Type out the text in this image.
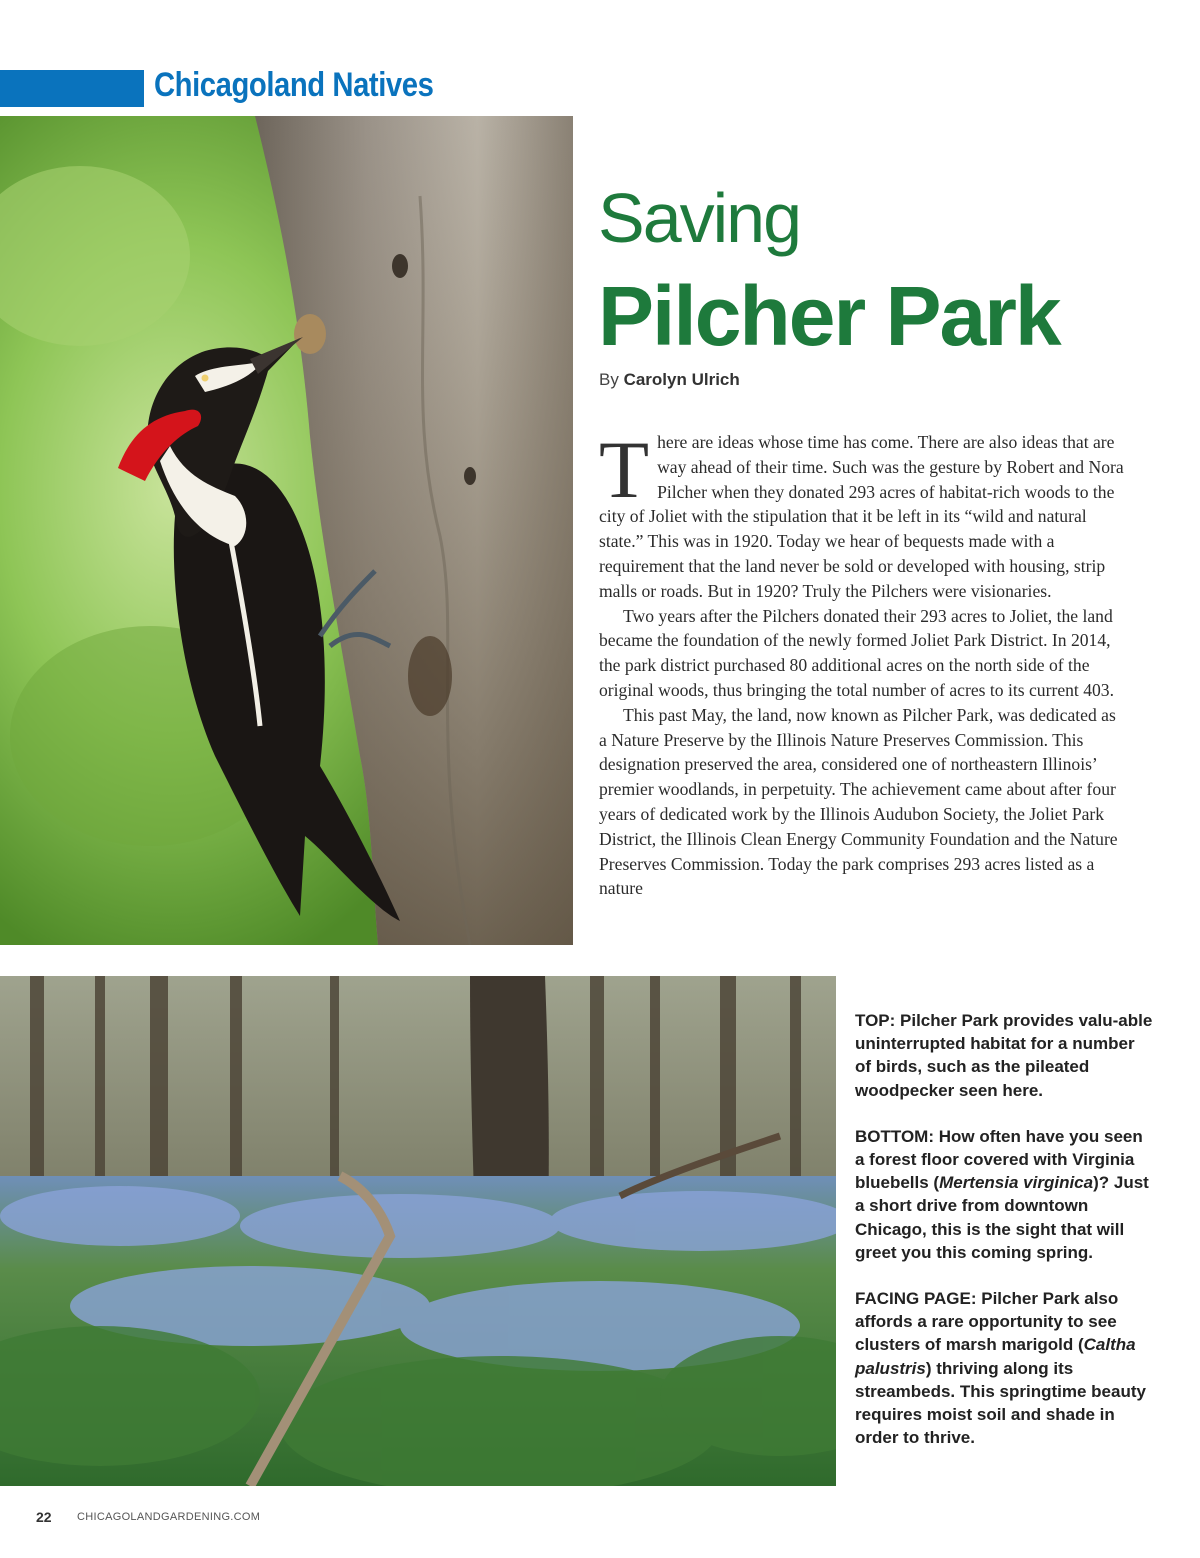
Chicagoland Natives
Saving
Pilcher Park
By Carolyn Ulrich

There are ideas whose time has come. There are also ideas that are way ahead of their time. Such was the gesture by Robert and Nora Pilcher when they donated 293 acres of habitat-rich woods to the city of Joliet with the stipulation that it be left in its “wild and natural state.” This was in 1920. Today we hear of bequests made with a requirement that the land never be sold or developed with housing, strip malls or roads. But in 1920? Truly the Pilchers were visionaries.

Two years after the Pilchers donated their 293 acres to Joliet, the land became the foundation of the newly formed Joliet Park District. In 2014, the park district purchased 80 additional acres on the north side of the original woods, thus bringing the total number of acres to its current 403.

This past May, the land, now known as Pilcher Park, was dedicated as a Nature Preserve by the Illinois Nature Preserves Commission. This designation preserved the area, considered one of northeastern Illinois’ premier woodlands, in perpetuity. The achievement came about after four years of dedicated work by the Illinois Audubon Society, the Joliet Park District, the Illinois Clean Energy Community Foundation and the Nature Preserves Commission. Today the park comprises 293 acres listed as a nature

TOP: Pilcher Park provides valu-able uninterrupted habitat for a number of birds, such as the pileated woodpecker seen here.

BOTTOM: How often have you seen a forest floor covered with Virginia bluebells (Mertensia virginica)? Just a short drive from downtown Chicago, this is the sight that will greet you this coming spring.

FACING PAGE: Pilcher Park also affords a rare opportunity to see clusters of marsh marigold (Caltha palustris) thriving along its streambeds. This springtime beauty requires moist soil and shade in order to thrive.

22 CHICAGOLANDGARDENING.COM
